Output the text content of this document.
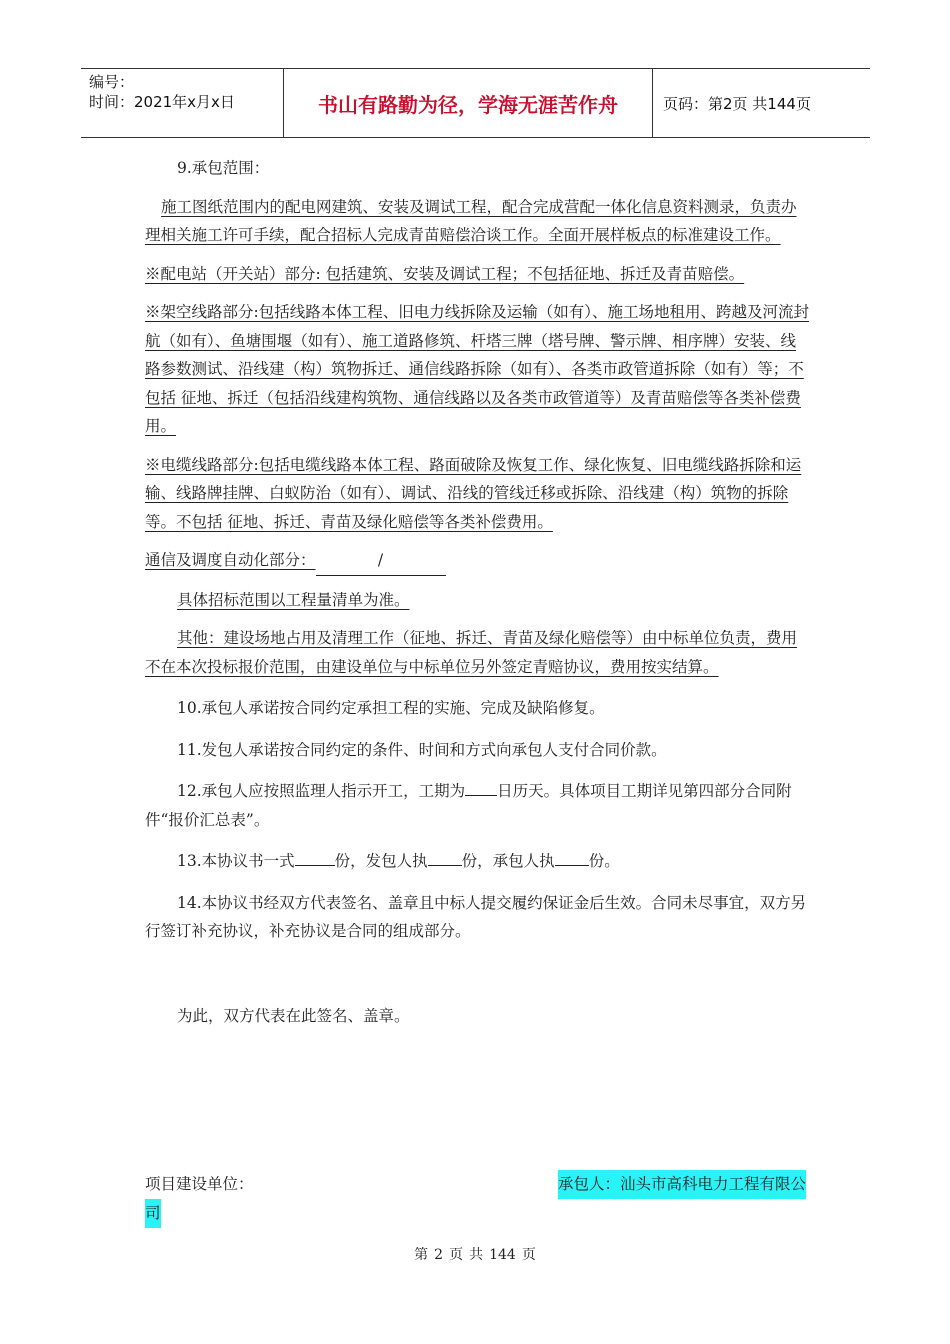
编号：
时间：2021年x月x日	书山有路勤为径，学海无涯苦作舟	页码：第2页 共144页

9.承包范围：

施工图纸范围内的配电网建筑、安装及调试工程，配合完成营配一体化信息资料测录，负责办理相关施工许可手续，配合招标人完成青苗赔偿洽谈工作。全面开展样板点的标准建设工作。

※配电站（开关站）部分: 包括建筑、安装及调试工程；不包括征地、拆迁及青苗赔偿。

※架空线路部分:包括线路本体工程、旧电力线拆除及运输（如有）、施工场地租用、跨越及河流封航（如有）、鱼塘围堰（如有）、施工道路修筑、杆塔三牌（塔号牌、警示牌、相序牌）安装、线路参数测试、沿线建（构）筑物拆迁、通信线路拆除（如有）、各类市政管道拆除（如有）等；不包括 征地、拆迁（包括沿线建构筑物、通信线路以及各类市政管道等）及青苗赔偿等各类补偿费用。

※电缆线路部分:包括电缆线路本体工程、路面破除及恢复工作、绿化恢复、旧电缆线路拆除和运输、线路牌挂牌、白蚁防治（如有）、调试、沿线的管线迁移或拆除、沿线建（构）筑物的拆除等。不包括 征地、拆迁、青苗及绿化赔偿等各类补偿费用。

通信及调度自动化部分：	/

具体招标范围以工程量清单为准。

其他：建设场地占用及清理工作（征地、拆迁、青苗及绿化赔偿等）由中标单位负责，费用不在本次投标报价范围，由建设单位与中标单位另外签定青赔协议，费用按实结算。

10.承包人承诺按合同约定承担工程的实施、完成及缺陷修复。

11.发包人承诺按合同约定的条件、时间和方式向承包人支付合同价款。

12.承包人应按照监理人指示开工，工期为 日历天。具体项目工期详见第四部分合同附件“报价汇总表”。

13.本协议书一式	份，发包人执 份，承包人执 份。

14.本协议书经双方代表签名、盖章且中标人提交履约保证金后生效。合同未尽事宜，双方另行签订补充协议，补充协议是合同的组成部分。

为此，双方代表在此签名、盖章。

项目建设单位：	承包人：汕头市高科电力工程有限公
司
第 2 页 共 144 页
